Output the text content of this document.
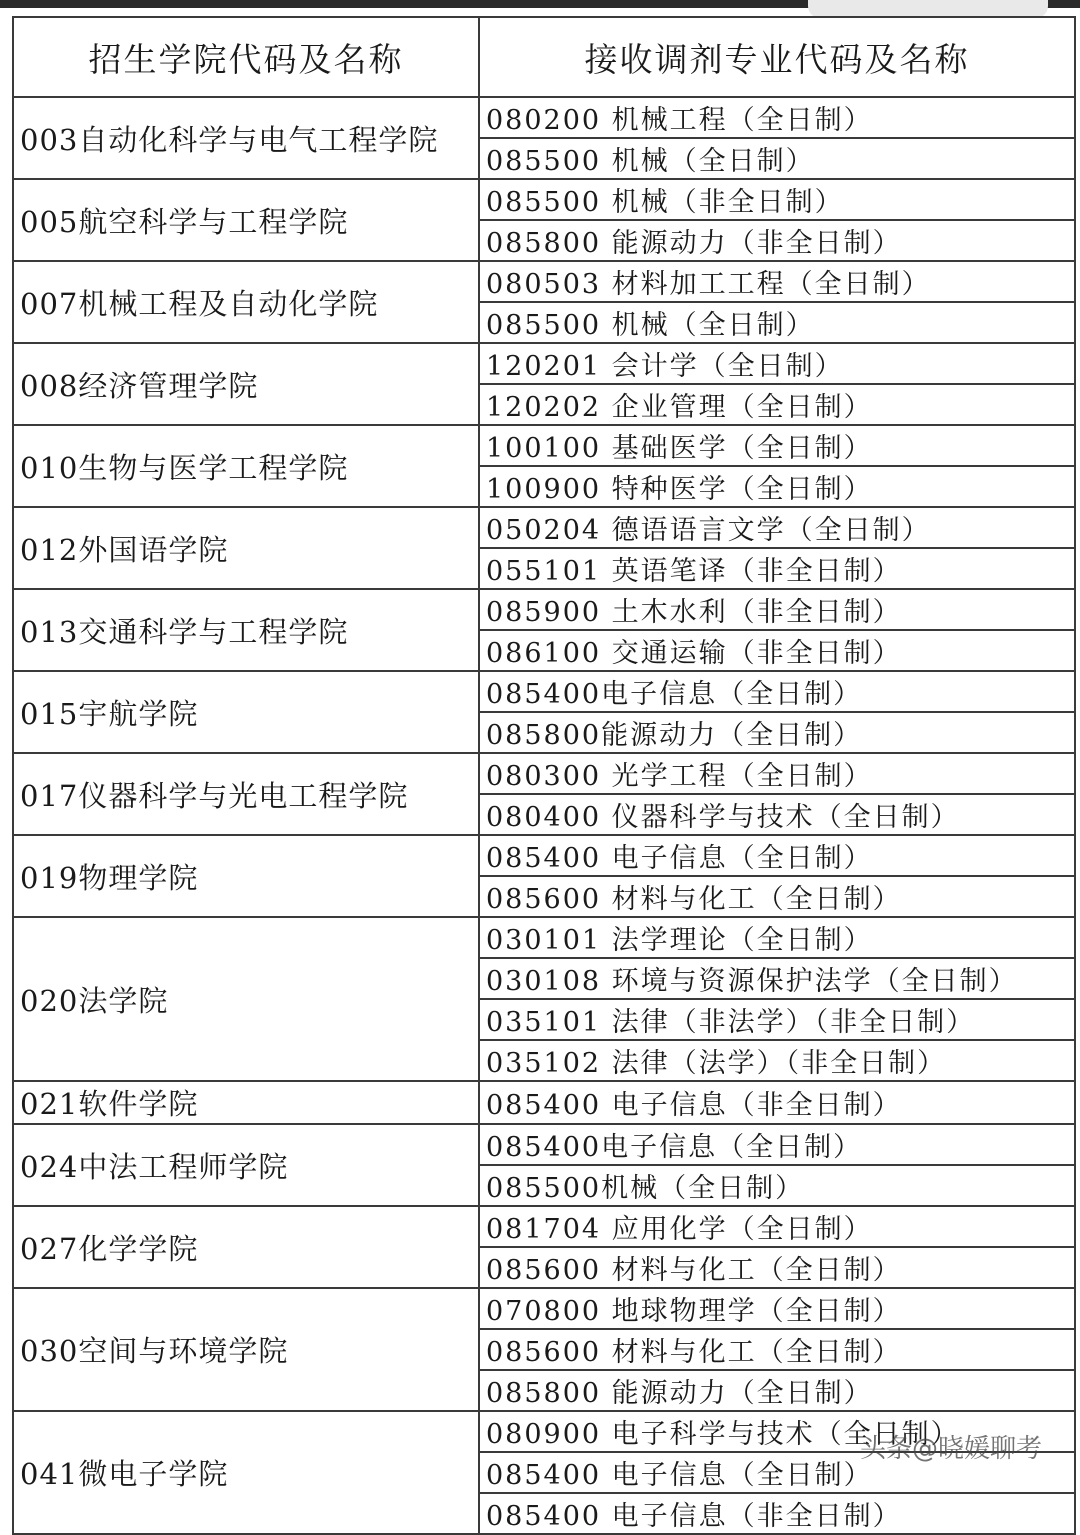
招生学院代码及名称	接收调剂专业代码及名称
003自动化科学与电气工程学院	080200 机械工程（全日制）
	085500 机械（全日制）
005航空科学与工程学院	085500 机械（非全日制）
	085800 能源动力（非全日制）
007机械工程及自动化学院	080503 材料加工工程（全日制）
	085500 机械（全日制）
008经济管理学院	120201 会计学（全日制）
	120202 企业管理（全日制）
010生物与医学工程学院	100100 基础医学（全日制）
	100900 特种医学（全日制）
012外国语学院	050204 德语语言文学（全日制）
	055101 英语笔译（非全日制）
013交通科学与工程学院	085900 土木水利（非全日制）
	086100 交通运输（非全日制）
015宇航学院	085400电子信息（全日制）
	085800能源动力（全日制）
017仪器科学与光电工程学院	080300 光学工程（全日制）
	080400 仪器科学与技术（全日制）
019物理学院	085400 电子信息（全日制）
	085600 材料与化工（全日制）
020法学院	030101 法学理论（全日制）
	030108 环境与资源保护法学（全日制）
	035101 法律（非法学）（非全日制）
	035102 法律（法学）（非全日制）
021软件学院	085400 电子信息（非全日制）
024中法工程师学院	085400电子信息（全日制）
	085500机械（全日制）
027化学学院	081704 应用化学（全日制）
	085600 材料与化工（全日制）
030空间与环境学院	070800 地球物理学（全日制）
	085600 材料与化工（全日制）
	085800 能源动力（全日制）
041微电子学院	080900 电子科学与技术（全日制）
	085400 电子信息（全日制）
	085400 电子信息（非全日制）
头条@晓媛聊考
